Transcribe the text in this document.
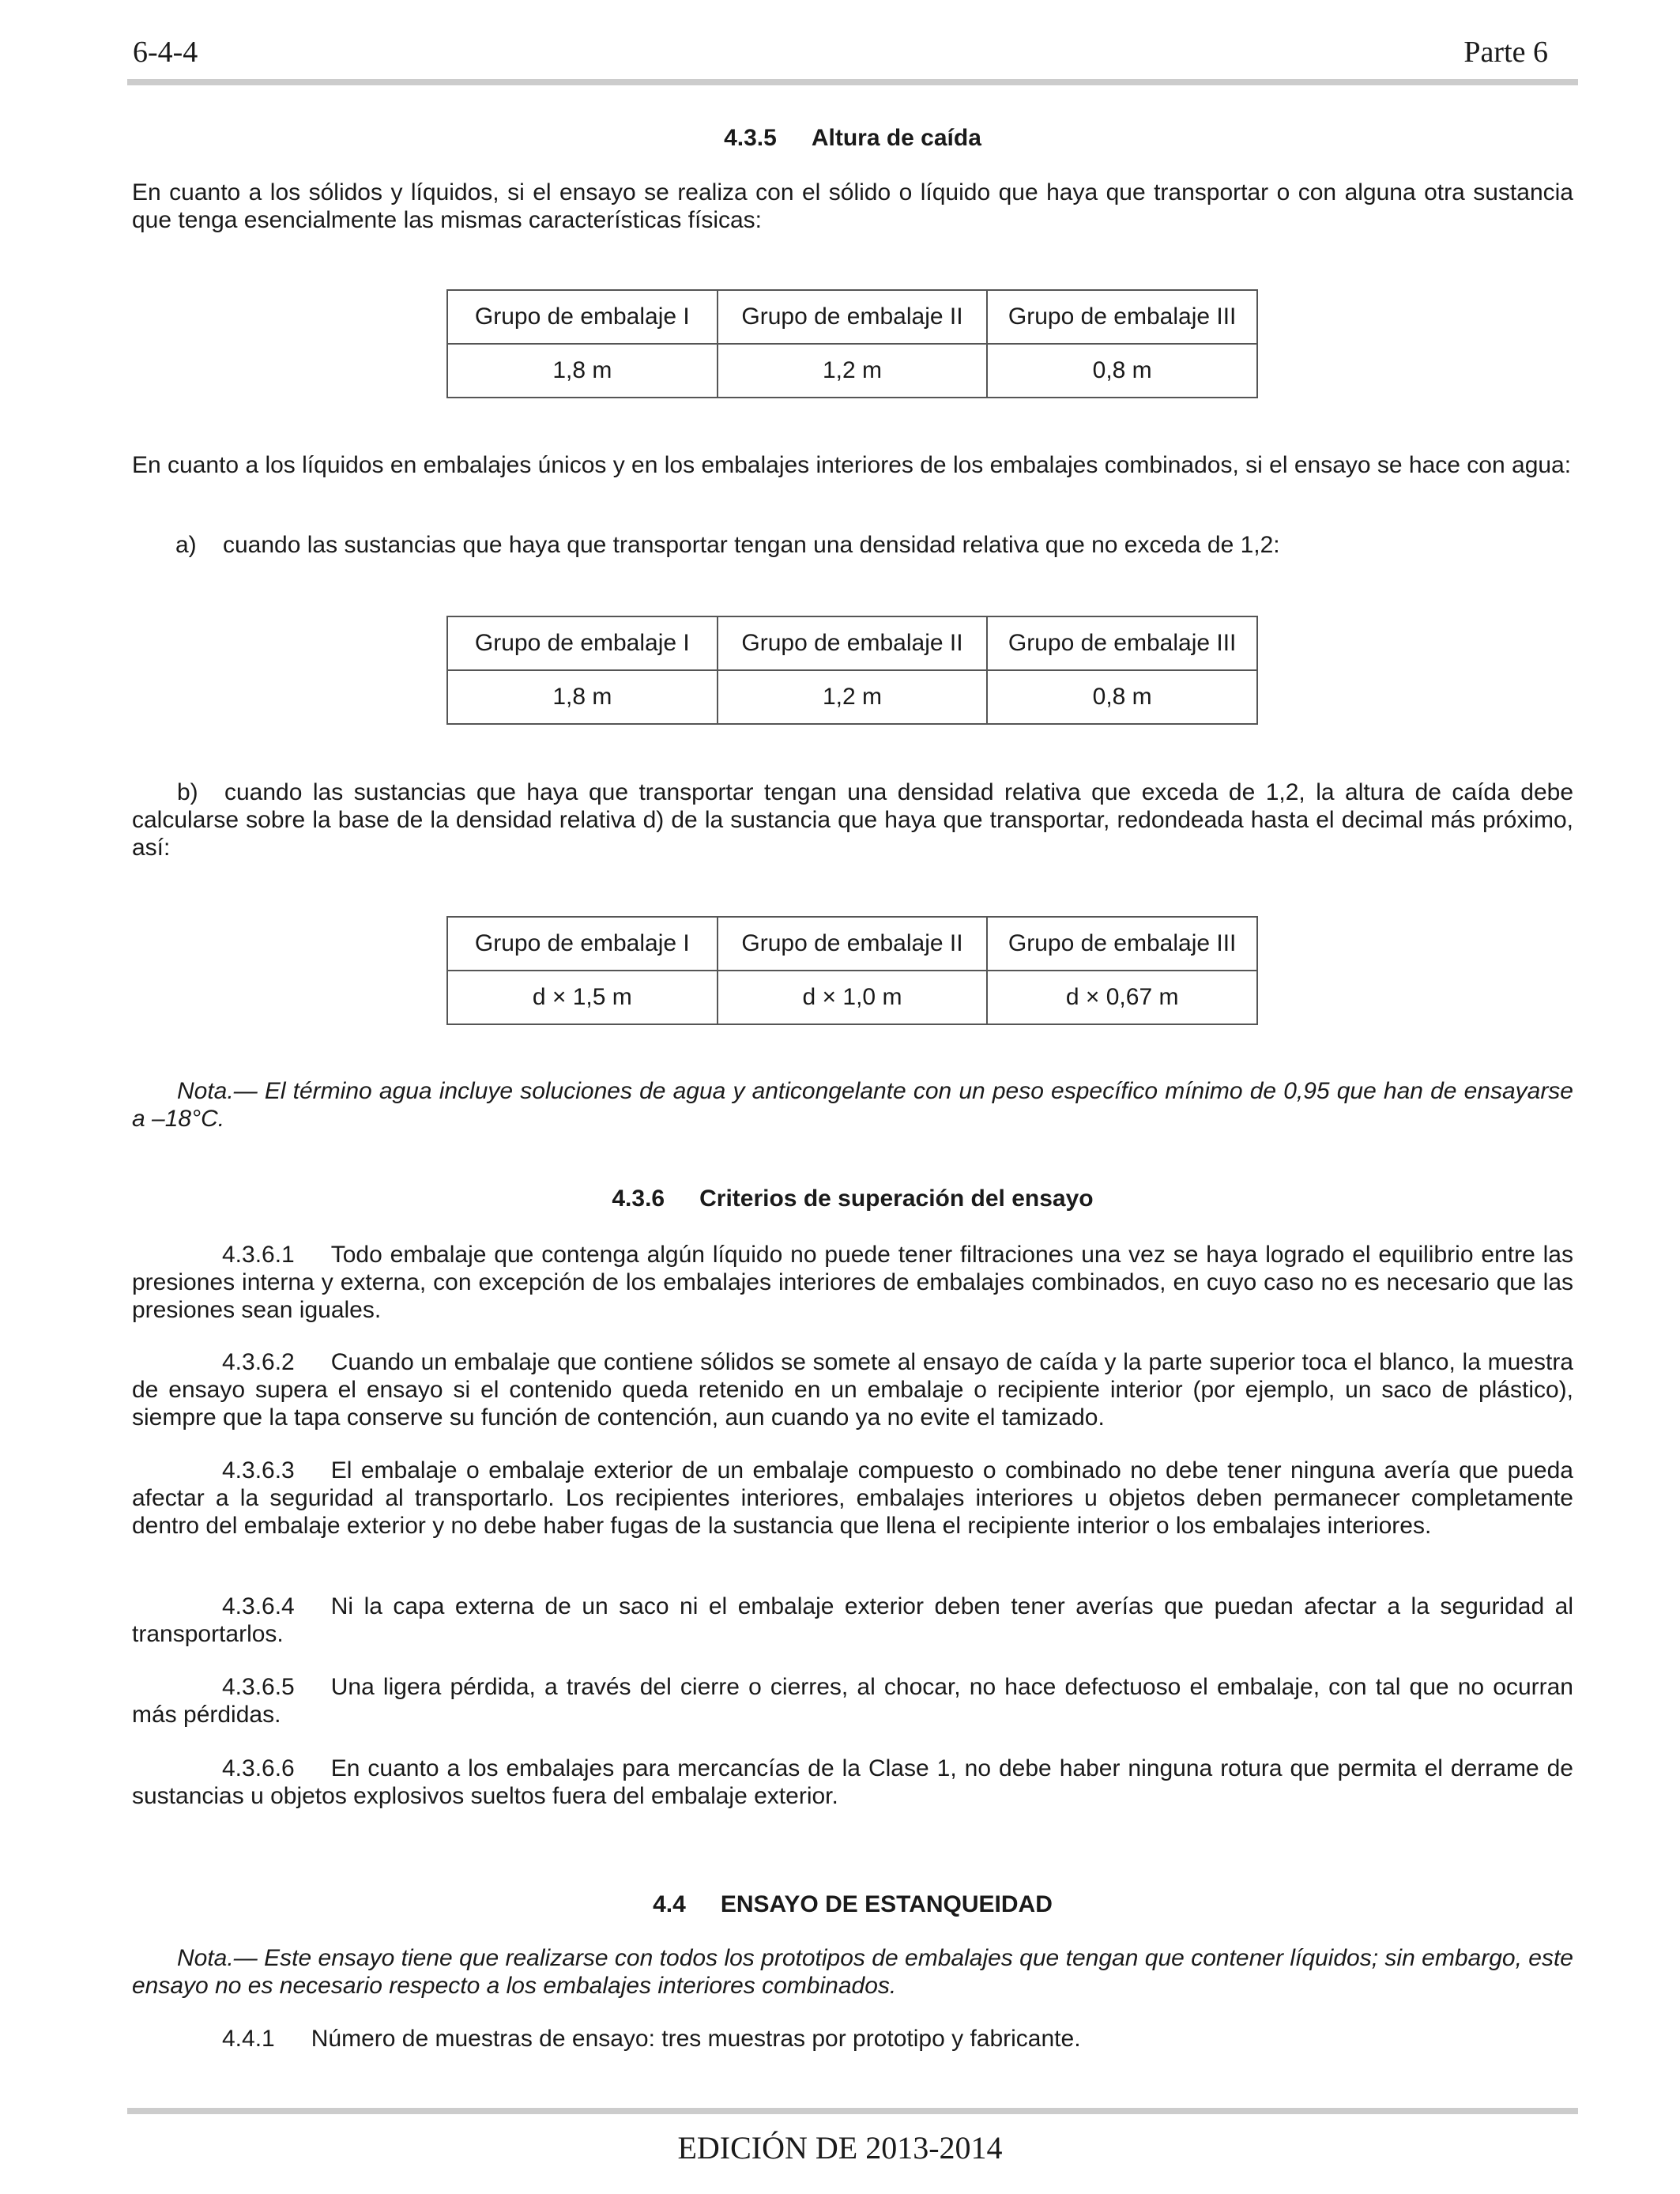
6-4-4	Parte 6
4.3.5 Altura de caída

En cuanto a los sólidos y líquidos, si el ensayo se realiza con el sólido o líquido que haya que transportar o con alguna otra sustancia que tenga esencialmente las mismas características físicas:

Grupo de embalaje I	Grupo de embalaje II	Grupo de embalaje III
1,8 m	1,2 m	0,8 m

En cuanto a los líquidos en embalajes únicos y en los embalajes interiores de los embalajes combinados, si el ensayo se hace con agua:

a) cuando las sustancias que haya que transportar tengan una densidad relativa que no exceda de 1,2:
Grupo de embalaje I	Grupo de embalaje II	Grupo de embalaje III
1,8 m	1,2 m	0,8 m

b) cuando las sustancias que haya que transportar tengan una densidad relativa que exceda de 1,2, la altura de caída debe calcularse sobre la base de la densidad relativa d) de la sustancia que haya que transportar, redondeada hasta el decimal más próximo, así:

Grupo de embalaje I	Grupo de embalaje II	Grupo de embalaje III
d × 1,5 m	d × 1,0 m	d × 0,67 m

Nota.— El término agua incluye soluciones de agua y anticongelante con un peso específico mínimo de 0,95 que han de ensayarse a –18°C.

4.3.6 Criterios de superación del ensayo

4.3.6.1 Todo embalaje que contenga algún líquido no puede tener filtraciones una vez se haya logrado el equilibrio entre las presiones interna y externa, con excepción de los embalajes interiores de embalajes combinados, en cuyo caso no es necesario que las presiones sean iguales.

4.3.6.2 Cuando un embalaje que contiene sólidos se somete al ensayo de caída y la parte superior toca el blanco, la muestra de ensayo supera el ensayo si el contenido queda retenido en un embalaje o recipiente interior (por ejemplo, un saco de plástico), siempre que la tapa conserve su función de contención, aun cuando ya no evite el tamizado.

4.3.6.3 El embalaje o embalaje exterior de un embalaje compuesto o combinado no debe tener ninguna avería que pueda afectar a la seguridad al transportarlo. Los recipientes interiores, embalajes interiores u objetos deben permanecer completamente dentro del embalaje exterior y no debe haber fugas de la sustancia que llena el recipiente interior o los embalajes interiores.

4.3.6.4 Ni la capa externa de un saco ni el embalaje exterior deben tener averías que puedan afectar a la seguridad al transportarlos.

4.3.6.5 Una ligera pérdida, a través del cierre o cierres, al chocar, no hace defectuoso el embalaje, con tal que no ocurran más pérdidas.

4.3.6.6 En cuanto a los embalajes para mercancías de la Clase 1, no debe haber ninguna rotura que permita el derrame de sustancias u objetos explosivos sueltos fuera del embalaje exterior.

4.4 ENSAYO DE ESTANQUEIDAD

Nota.— Este ensayo tiene que realizarse con todos los prototipos de embalajes que tengan que contener líquidos; sin embargo, este ensayo no es necesario respecto a los embalajes interiores combinados.

4.4.1 Número de muestras de ensayo: tres muestras por prototipo y fabricante.

EDICIÓN DE 2013-2014
